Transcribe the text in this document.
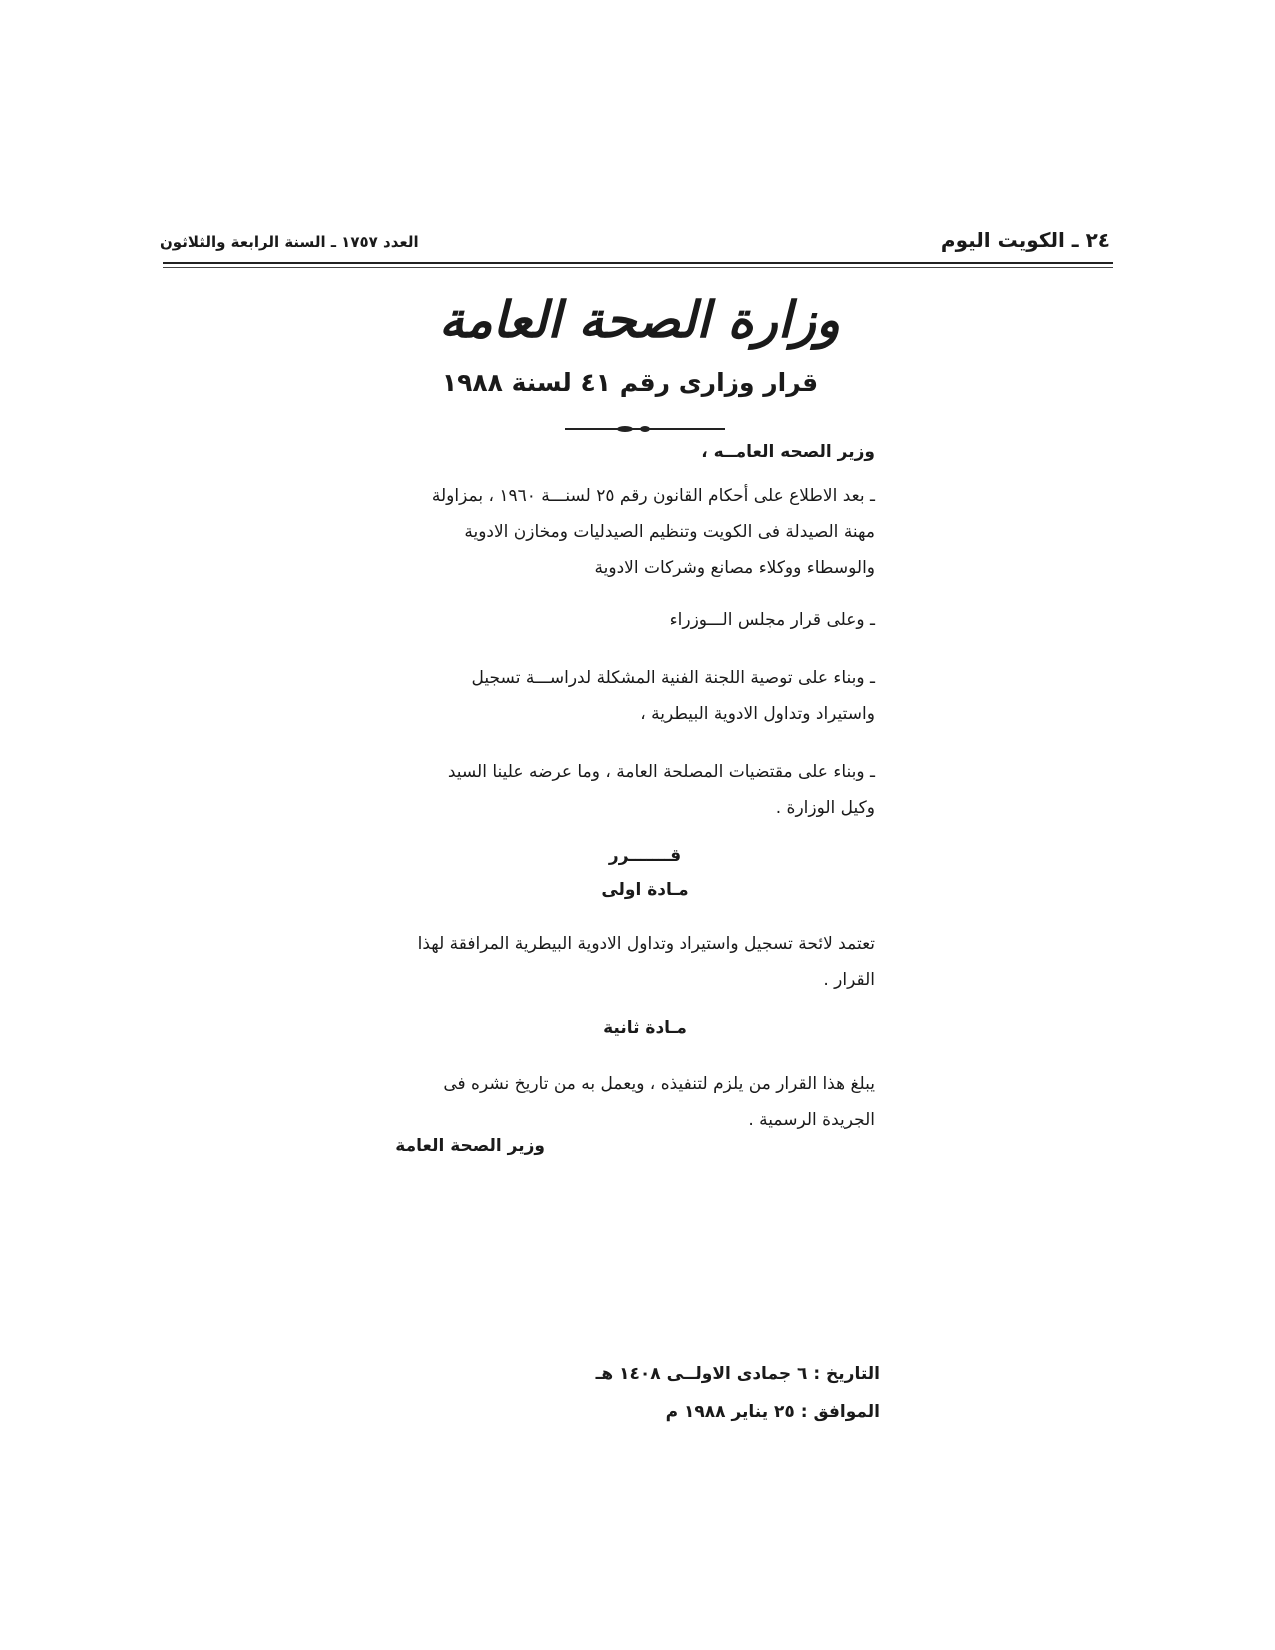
٢٤ ـ الكويت اليوم
العدد ١٧٥٧ ـ السنة الرابعة والثلاثون
وزارة الصحة العامة
قرار وزارى رقم ٤١ لسنة ١٩٨٨
وزير الصحه العامــه ،
ـ بعد الاطلاع على أحكام القانون رقم ٢٥ لسنـــة ١٩٦٠ ، بمزاولة مهنة الصيدلة فى الكويت وتنظيم الصيدليات ومخازن الادوية والوسطاء ووكلاء مصانع وشركات الادوية
ـ وعلى قرار مجلس الـــوزراء
ـ وبناء على توصية اللجنة الفنية المشكلة لدراســـة تسجيل واستيراد وتداول الادوية البيطرية ،
ـ وبناء على مقتضيات المصلحة العامة ، وما عرضه علينا السيد وكيل الوزارة .
قـــــــرر
مـادة اولى
تعتمد لائحة تسجيل واستيراد وتداول الادوية البيطرية المرافقة لهذا القرار .
مـادة ثانية
يبلغ هذا القرار من يلزم لتنفيذه ، ويعمل به من تاريخ نشره فى الجريدة الرسمية .
وزير الصحة العامة
التاريخ : ٦ جمادى الاولــى ١٤٠٨ هـ
الموافق : ٢٥ يناير ١٩٨٨ م
